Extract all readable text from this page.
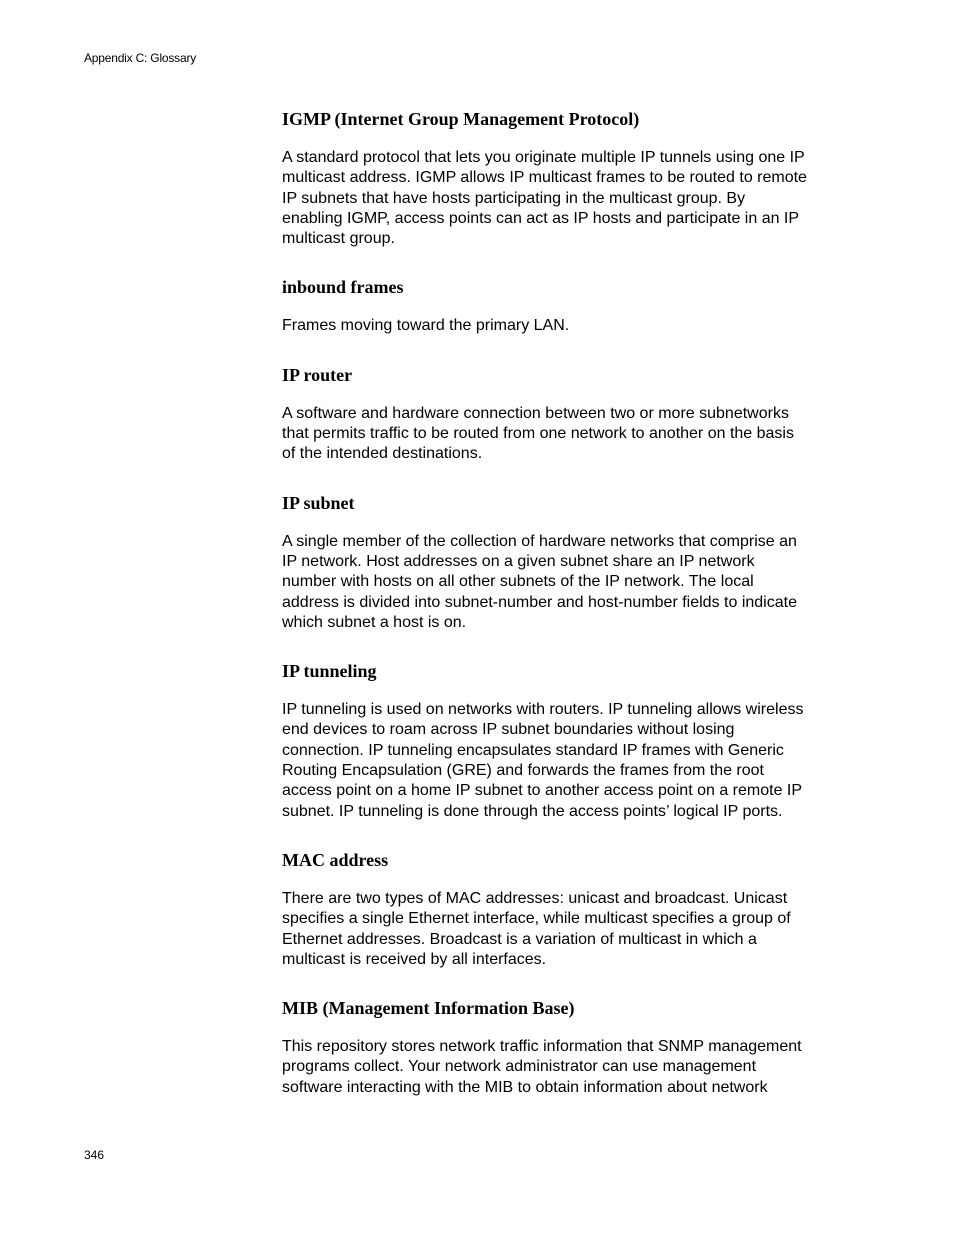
Appendix C: Glossary
IGMP (Internet Group Management Protocol)

A standard protocol that lets you originate multiple IP tunnels using one IP
multicast address. IGMP allows IP multicast frames to be routed to remote
IP subnets that have hosts participating in the multicast group. By
enabling IGMP, access points can act as IP hosts and participate in an IP
multicast group.

inbound frames

Frames moving toward the primary LAN.

IP router

A software and hardware connection between two or more subnetworks
that permits traffic to be routed from one network to another on the basis
of the intended destinations.

IP subnet

A single member of the collection of hardware networks that comprise an
IP network. Host addresses on a given subnet share an IP network
number with hosts on all other subnets of the IP network. The local
address is divided into subnet-number and host-number fields to indicate
which subnet a host is on.

IP tunneling

IP tunneling is used on networks with routers. IP tunneling allows wireless
end devices to roam across IP subnet boundaries without losing
connection. IP tunneling encapsulates standard IP frames with Generic
Routing Encapsulation (GRE) and forwards the frames from the root
access point on a home IP subnet to another access point on a remote IP
subnet. IP tunneling is done through the access points’ logical IP ports.

MAC address

There are two types of MAC addresses: unicast and broadcast. Unicast
specifies a single Ethernet interface, while multicast specifies a group of
Ethernet addresses. Broadcast is a variation of multicast in which a
multicast is received by all interfaces.

MIB (Management Information Base)

This repository stores network traffic information that SNMP management
programs collect. Your network administrator can use management
software interacting with the MIB to obtain information about network

346
